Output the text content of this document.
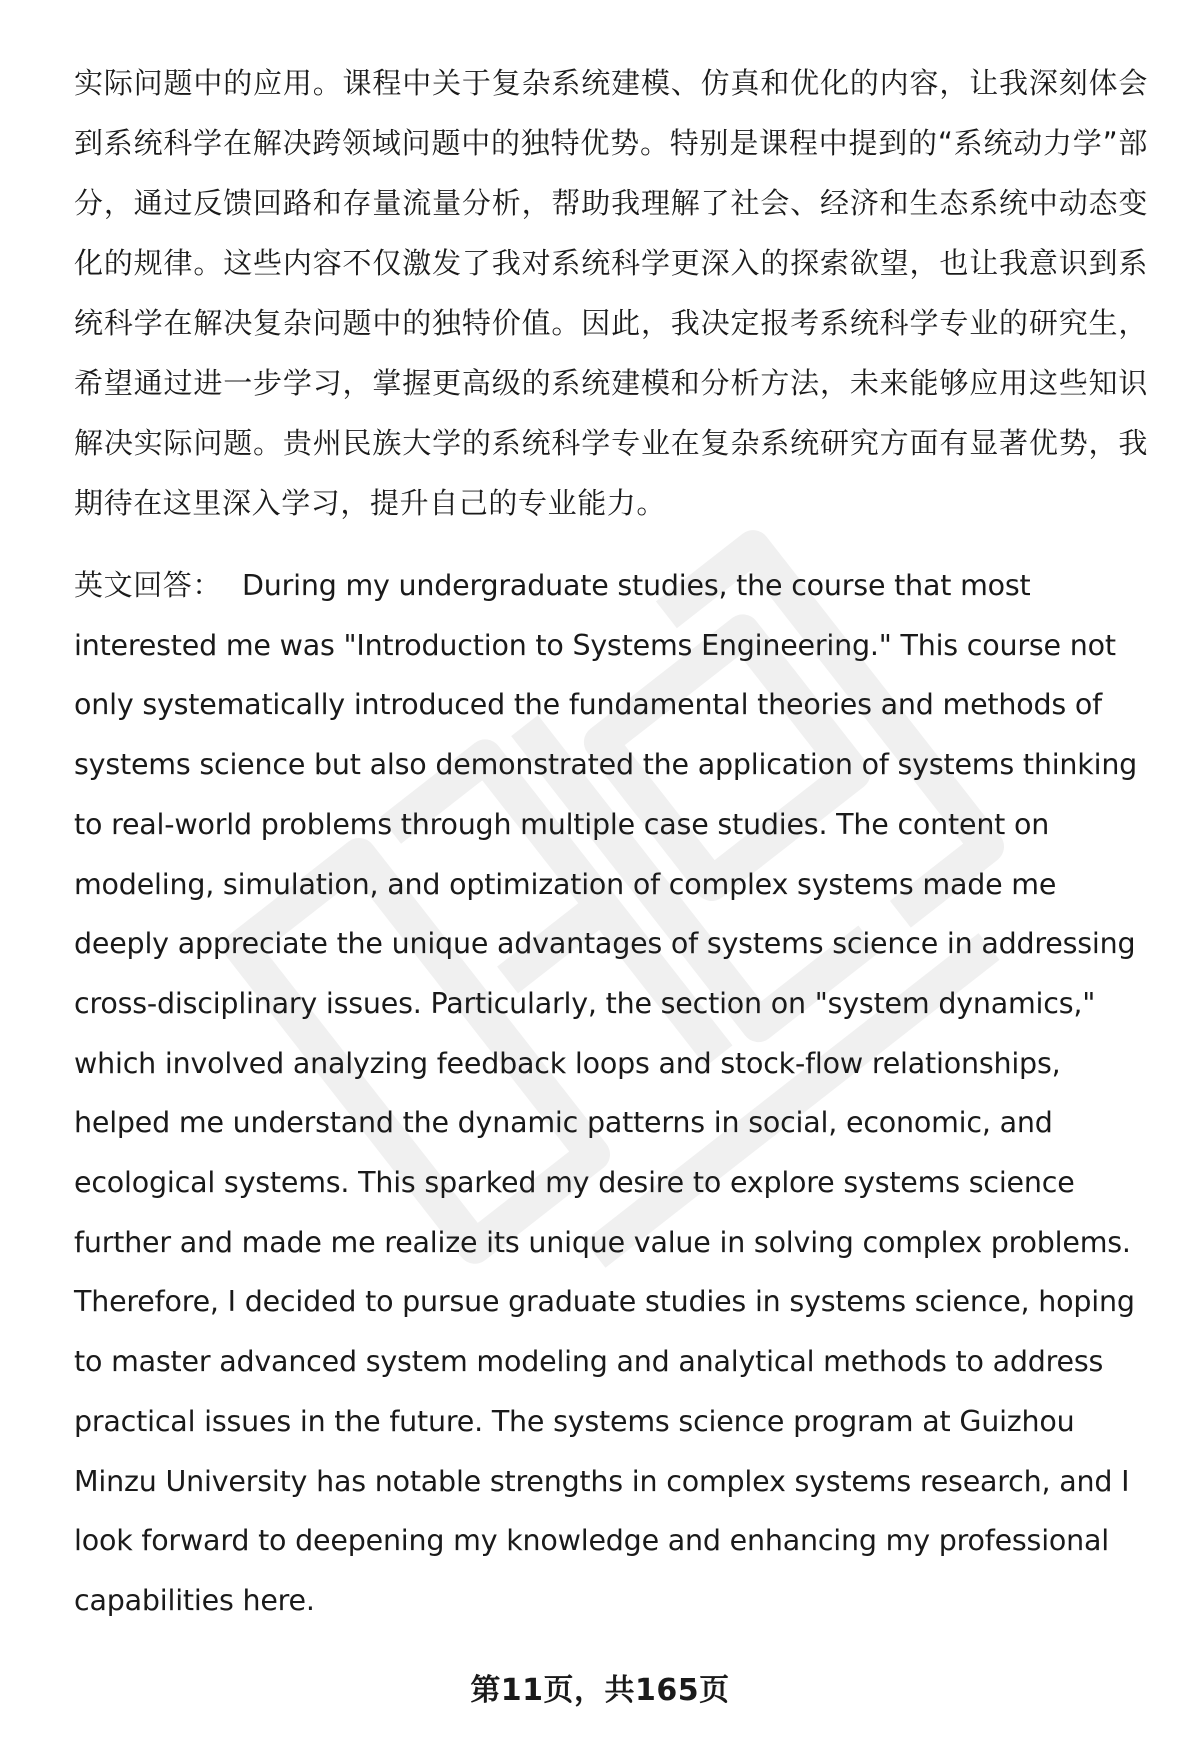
实际问题中的应用。课程中关于复杂系统建模、仿真和优化的内容，让我深刻体会到系统科学在解决跨领域问题中的独特优势。特别是课程中提到的“系统动力学”部分，通过反馈回路和存量流量分析，帮助我理解了社会、经济和生态系统中动态变化的规律。这些内容不仅激发了我对系统科学更深入的探索欲望，也让我意识到系统科学在解决复杂问题中的独特价值。因此，我决定报考系统科学专业的研究生，希望通过进一步学习，掌握更高级的系统建模和分析方法，未来能够应用这些知识解决实际问题。贵州民族大学的系统科学专业在复杂系统研究方面有显著优势，我期待在这里深入学习，提升自己的专业能力。

英文回答： During my undergraduate studies, the course that most interested me was "Introduction to Systems Engineering." This course not only systematically introduced the fundamental theories and methods of systems science but also demonstrated the application of systems thinking to real-world problems through multiple case studies. The content on modeling, simulation, and optimization of complex systems made me deeply appreciate the unique advantages of systems science in addressing cross-disciplinary issues. Particularly, the section on "system dynamics," which involved analyzing feedback loops and stock-flow relationships, helped me understand the dynamic patterns in social, economic, and ecological systems. This sparked my desire to explore systems science further and made me realize its unique value in solving complex problems. Therefore, I decided to pursue graduate studies in systems science, hoping to master advanced system modeling and analytical methods to address practical issues in the future. The systems science program at Guizhou Minzu University has notable strengths in complex systems research, and I look forward to deepening my knowledge and enhancing my professional capabilities here.

第11页，共165页
